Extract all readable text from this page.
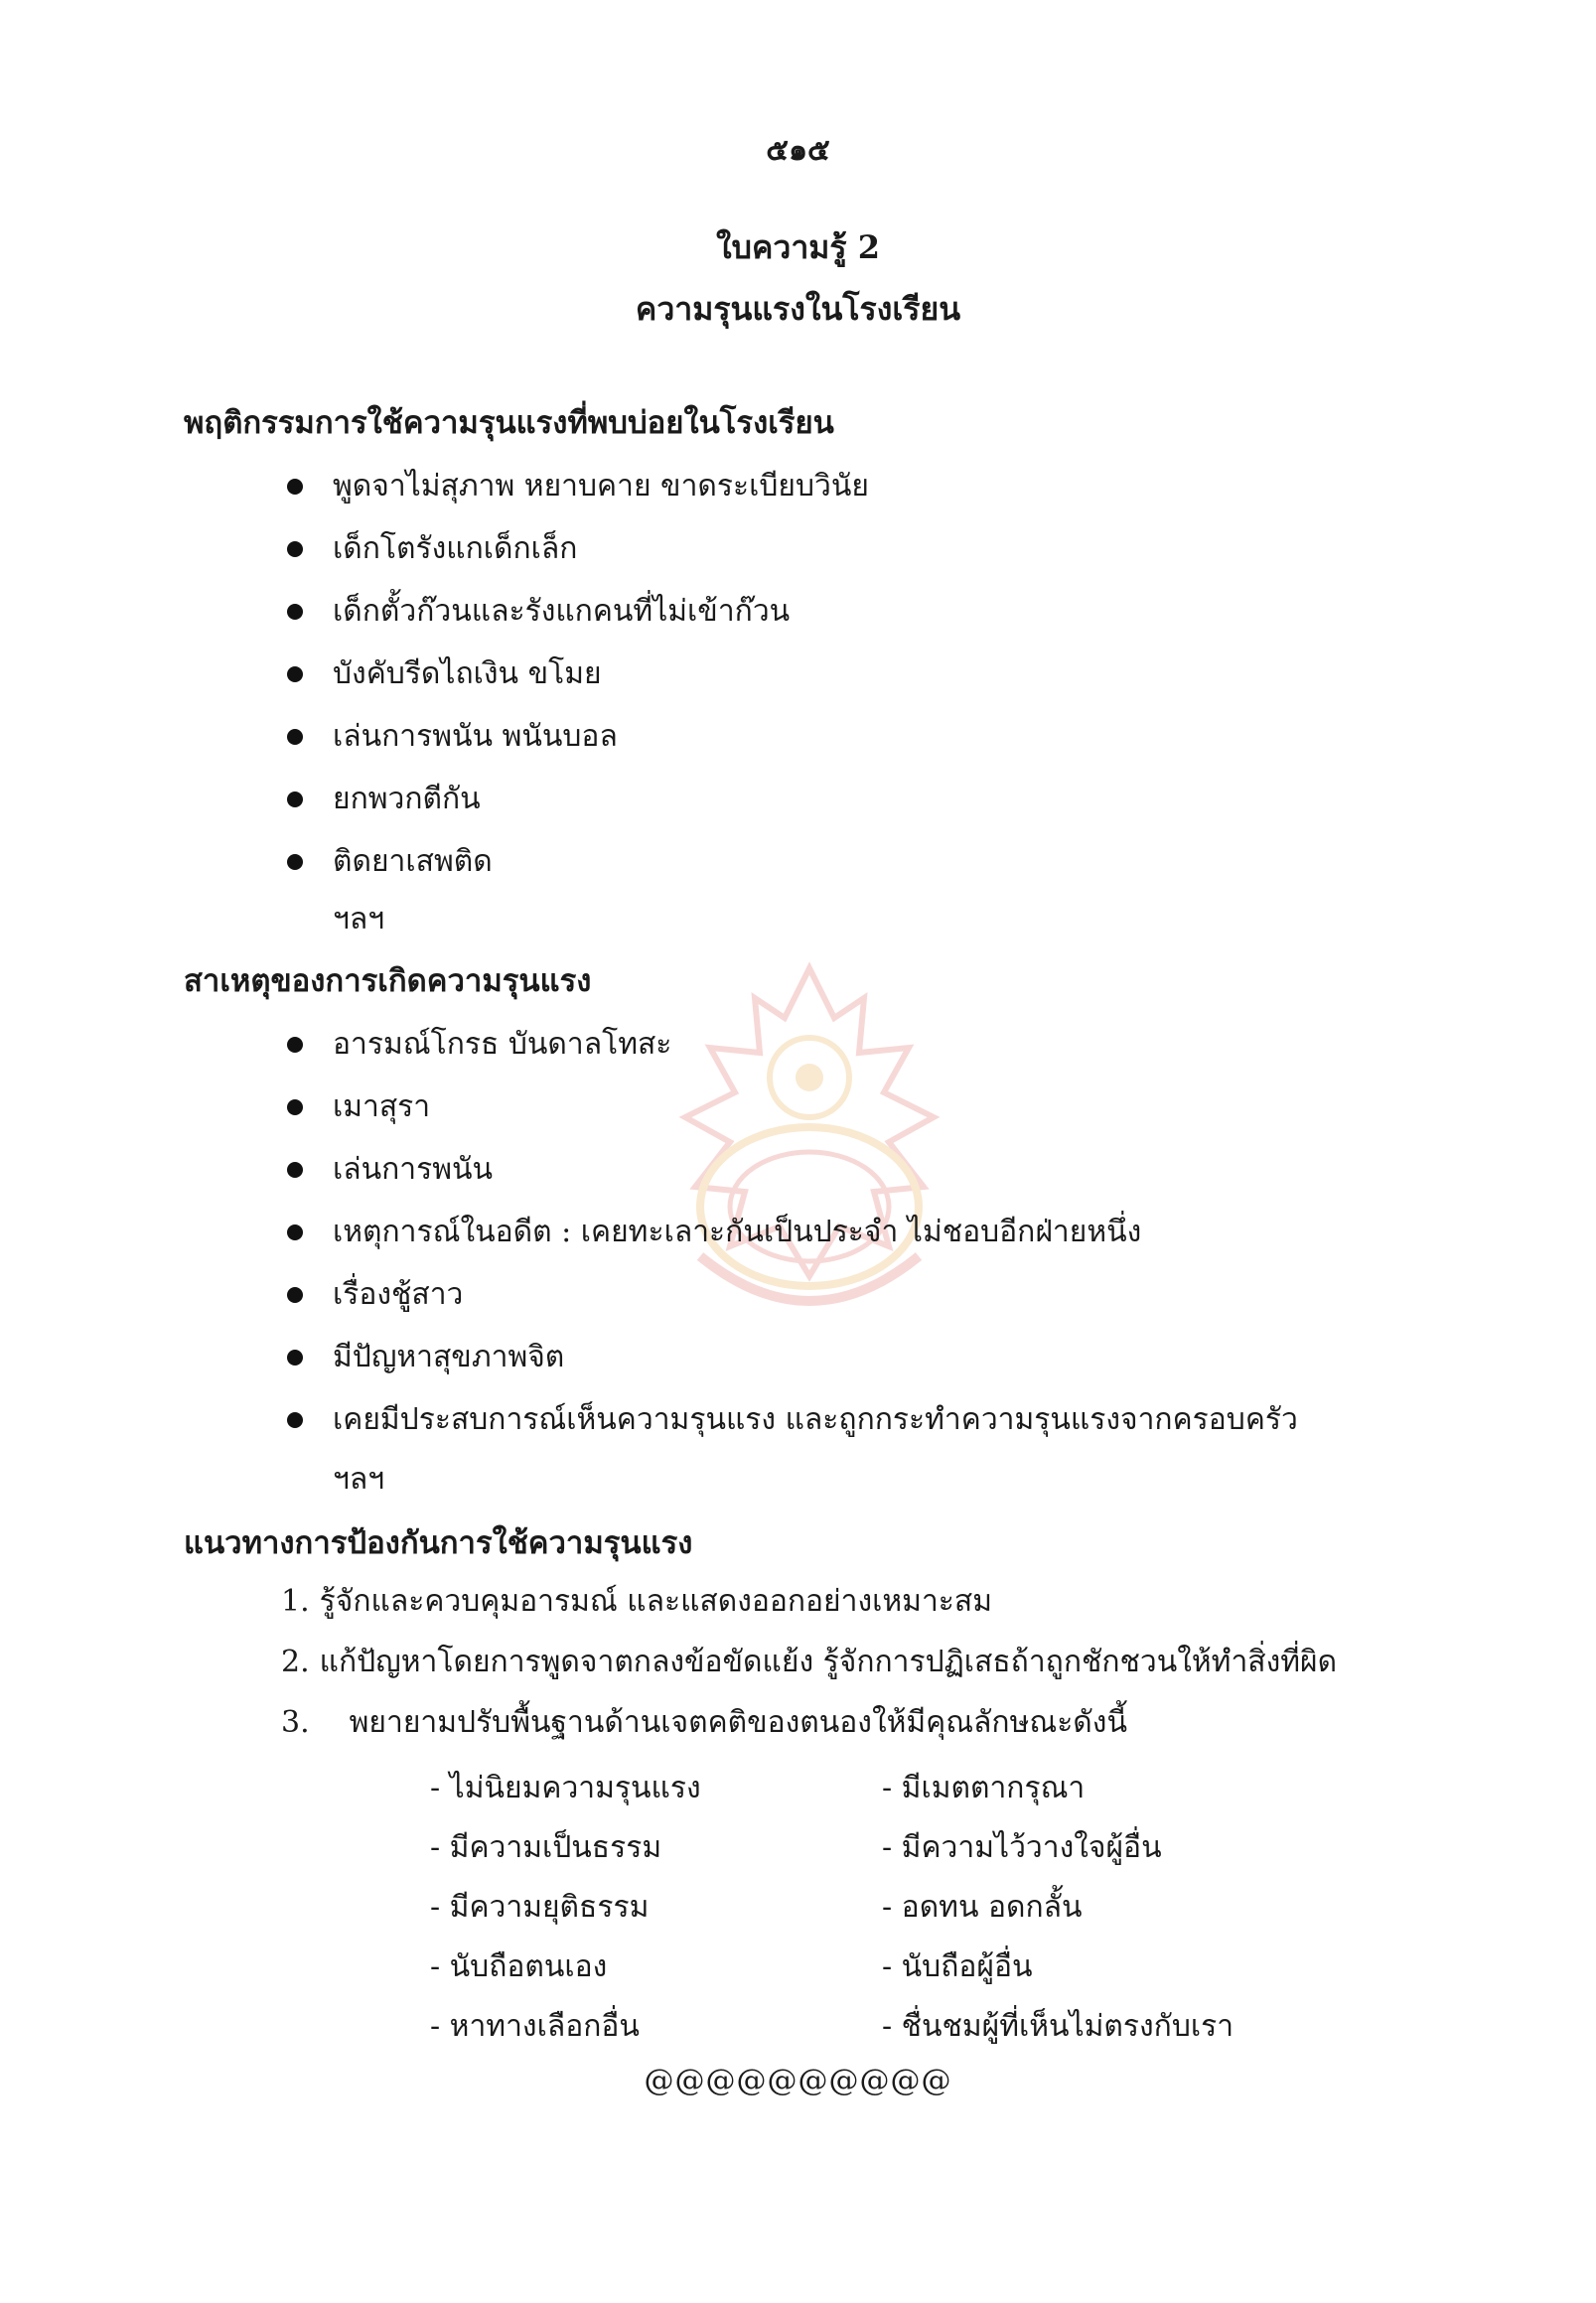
๕๑๕
ใบความรู้ 2
ความรุนแรงในโรงเรียน
พฤติกรรมการใช้ความรุนแรงที่พบบ่อยในโรงเรียน
พูดจาไม่สุภาพ หยาบคาย ขาดระเบียบวินัย
เด็กโตรังแกเด็กเล็ก
เด็กตั้วก๊วนและรังแกคนที่ไม่เข้าก๊วน
บังคับรีดไถเงิน ขโมย
เล่นการพนัน พนันบอล
ยกพวกตีกัน
ติดยาเสพติด
ฯลฯ
สาเหตุของการเกิดความรุนแรง
อารมณ์โกรธ บันดาลโทสะ
เมาสุรา
เล่นการพนัน
เหตุการณ์ในอดีต : เคยทะเลาะกันเป็นประจำ ไม่ชอบอีกฝ่ายหนึ่ง
เรื่องชู้สาว
มีปัญหาสุขภาพจิต
เคยมีประสบการณ์เห็นความรุนแรง และถูกกระทำความรุนแรงจากครอบครัว
ฯลฯ
แนวทางการป้องกันการใช้ความรุนแรง
1. รู้จักและควบคุมอารมณ์ และแสดงออกอย่างเหมาะสม
2. แก้ปัญหาโดยการพูดจาตกลงข้อขัดแย้ง รู้จักการปฏิเสธถ้าถูกชักชวนให้ทำสิ่งที่ผิด
3. พยายามปรับพื้นฐานด้านเจตคติของตนองให้มีคุณลักษณะดังนี้
- ไม่นิยมความรุนแรง	- มีเมตตากรุณา
- มีความเป็นธรรม	- มีความไว้วางใจผู้อื่น
- มีความยุติธรรม	- อดทน อดกลั้น
- นับถือตนเอง	- นับถือผู้อื่น
- หาทางเลือกอื่น	- ชื่นชมผู้ที่เห็นไม่ตรงกับเรา
@@@@@@@@@@
